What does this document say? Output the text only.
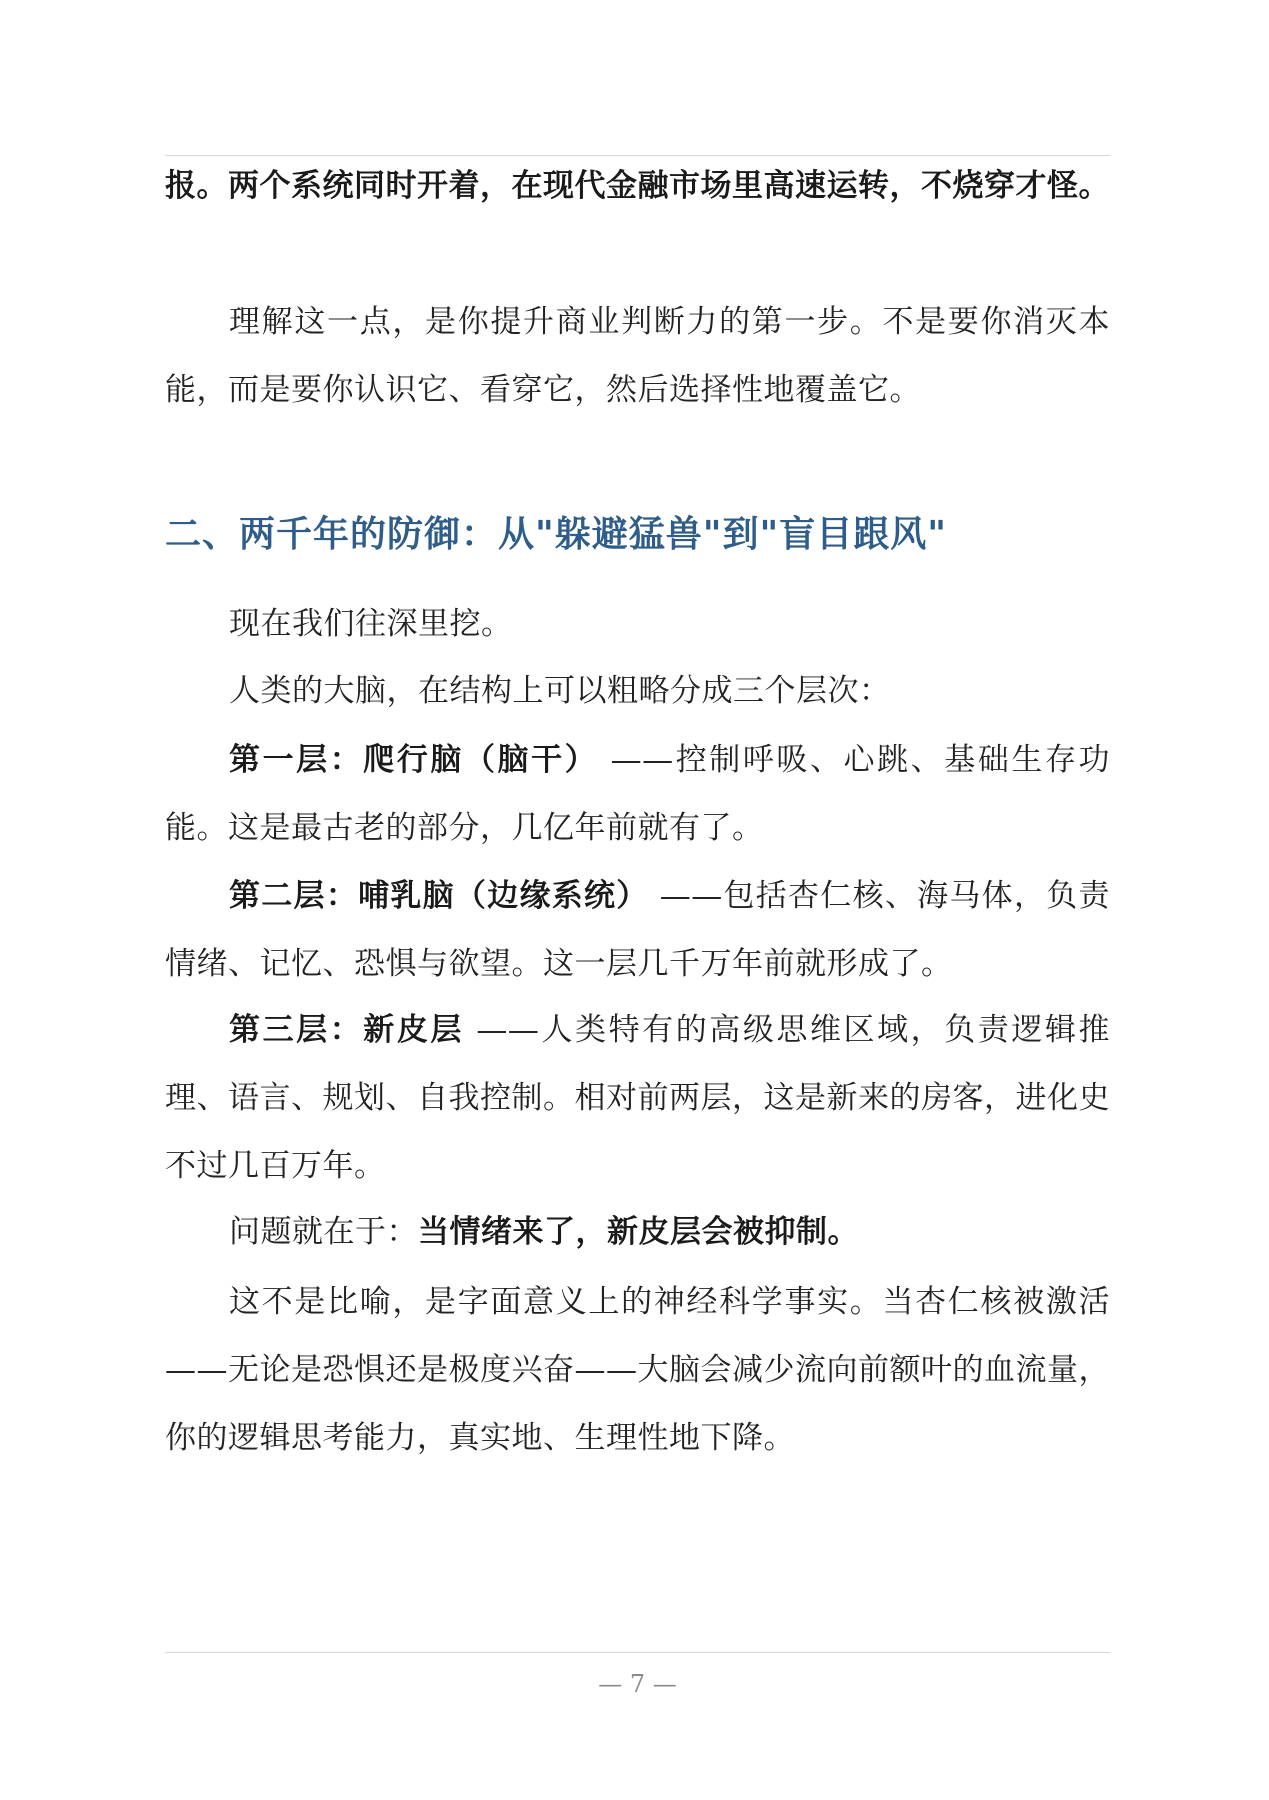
报。两个系统同时开着，在现代金融市场里高速运转，不烧穿才怪。

理解这一点，是你提升商业判断力的第一步。不是要你消灭本能，而是要你认识它、看穿它，然后选择性地覆盖它。

二、两千年的防御：从"躲避猛兽"到"盲目跟风"

现在我们往深里挖。

人类的大脑，在结构上可以粗略分成三个层次：

第一层：爬行脑（脑干） ——控制呼吸、心跳、基础生存功能。这是最古老的部分，几亿年前就有了。

第二层：哺乳脑（边缘系统） ——包括杏仁核、海马体，负责情绪、记忆、恐惧与欲望。这一层几千万年前就形成了。

第三层：新皮层 ——人类特有的高级思维区域，负责逻辑推理、语言、规划、自我控制。相对前两层，这是新来的房客，进化史不过几百万年。

问题就在于：当情绪来了，新皮层会被抑制。

这不是比喻，是字面意义上的神经科学事实。当杏仁核被激活——无论是恐惧还是极度兴奋——大脑会减少流向前额叶的血流量，你的逻辑思考能力，真实地、生理性地下降。

— 7 —
